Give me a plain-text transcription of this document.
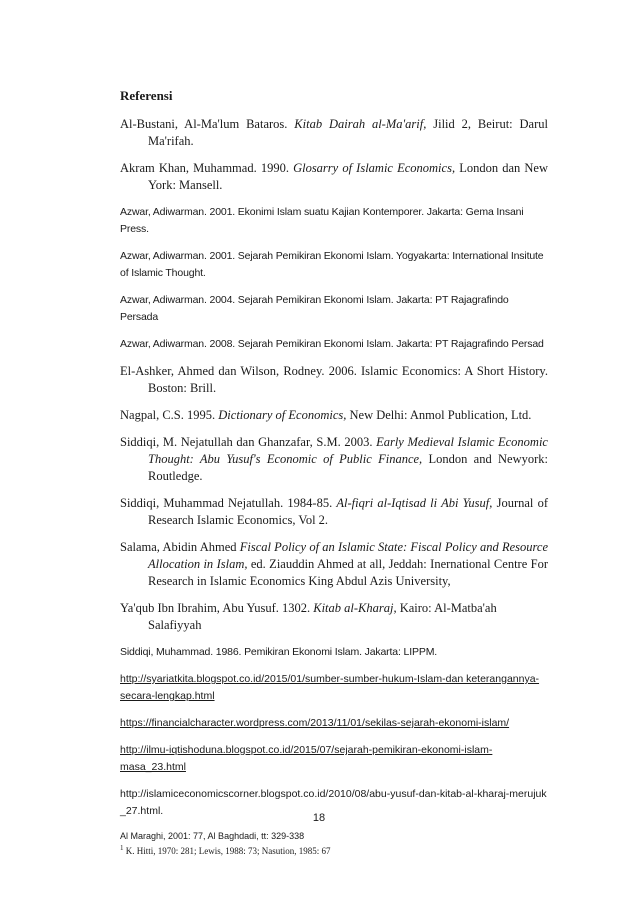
Referensi

Al-Bustani, Al-Ma'lum Bataros. Kitab Dairah al-Ma'arif, Jilid 2, Beirut: Darul Ma'rifah.

Akram Khan, Muhammad. 1990. Glosarry of Islamic Economics, London dan New York: Mansell.

Azwar, Adiwarman. 2001. Ekonimi Islam suatu Kajian Kontemporer. Jakarta: Gema Insani Press.

Azwar, Adiwarman. 2001. Sejarah Pemikiran Ekonomi Islam. Yogyakarta: International Insitute of Islamic Thought.

Azwar, Adiwarman. 2004. Sejarah Pemikiran Ekonomi Islam. Jakarta: PT Rajagrafindo Persada

Azwar, Adiwarman. 2008. Sejarah Pemikiran Ekonomi Islam. Jakarta: PT Rajagrafindo Persad

El-Ashker, Ahmed dan Wilson, Rodney. 2006. Islamic Economics: A Short History. Boston: Brill.

Nagpal, C.S. 1995. Dictionary of Economics, New Delhi: Anmol Publication, Ltd.

Siddiqi, M. Nejatullah dan Ghanzafar, S.M. 2003. Early Medieval Islamic Economic Thought: Abu Yusuf's Economic of Public Finance, London and Newyork: Routledge.

Siddiqi, Muhammad Nejatullah. 1984-85. Al-fiqri al-Iqtisad li Abi Yusuf, Journal of Research Islamic Economics, Vol 2.

Salama, Abidin Ahmed Fiscal Policy of an Islamic State: Fiscal Policy and Resource Allocation in Islam, ed. Ziauddin Ahmed at all, Jeddah: Inernational Centre For Research in Islamic Economics King Abdul Azis University,

Ya'qub Ibn Ibrahim, Abu Yusuf. 1302. Kitab al-Kharaj, Kairo: Al-Matba'ah Salafiyyah

Siddiqi, Muhammad. 1986. Pemikiran Ekonomi Islam. Jakarta: LIPPM.

http://syariatkita.blogspot.co.id/2015/01/sumber-sumber-hukum-Islam-dan keterangannya-secara-lengkap.html

https://financialcharacter.wordpress.com/2013/11/01/sekilas-sejarah-ekonomi-islam/

http://ilmu-iqtishoduna.blogspot.co.id/2015/07/sejarah-pemikiran-ekonomi-islam-masa_23.html

http://islamiceconomicscorner.blogspot.co.id/2010/08/abu-yusuf-dan-kitab-al-kharaj-merujuk_27.html.

Al Maraghi, 2001: 77, Al Baghdadi, tt: 329-338

$^1$ K. Hitti, 1970: 281; Lewis, 1988: 73; Nasution, 1985: 67

18
